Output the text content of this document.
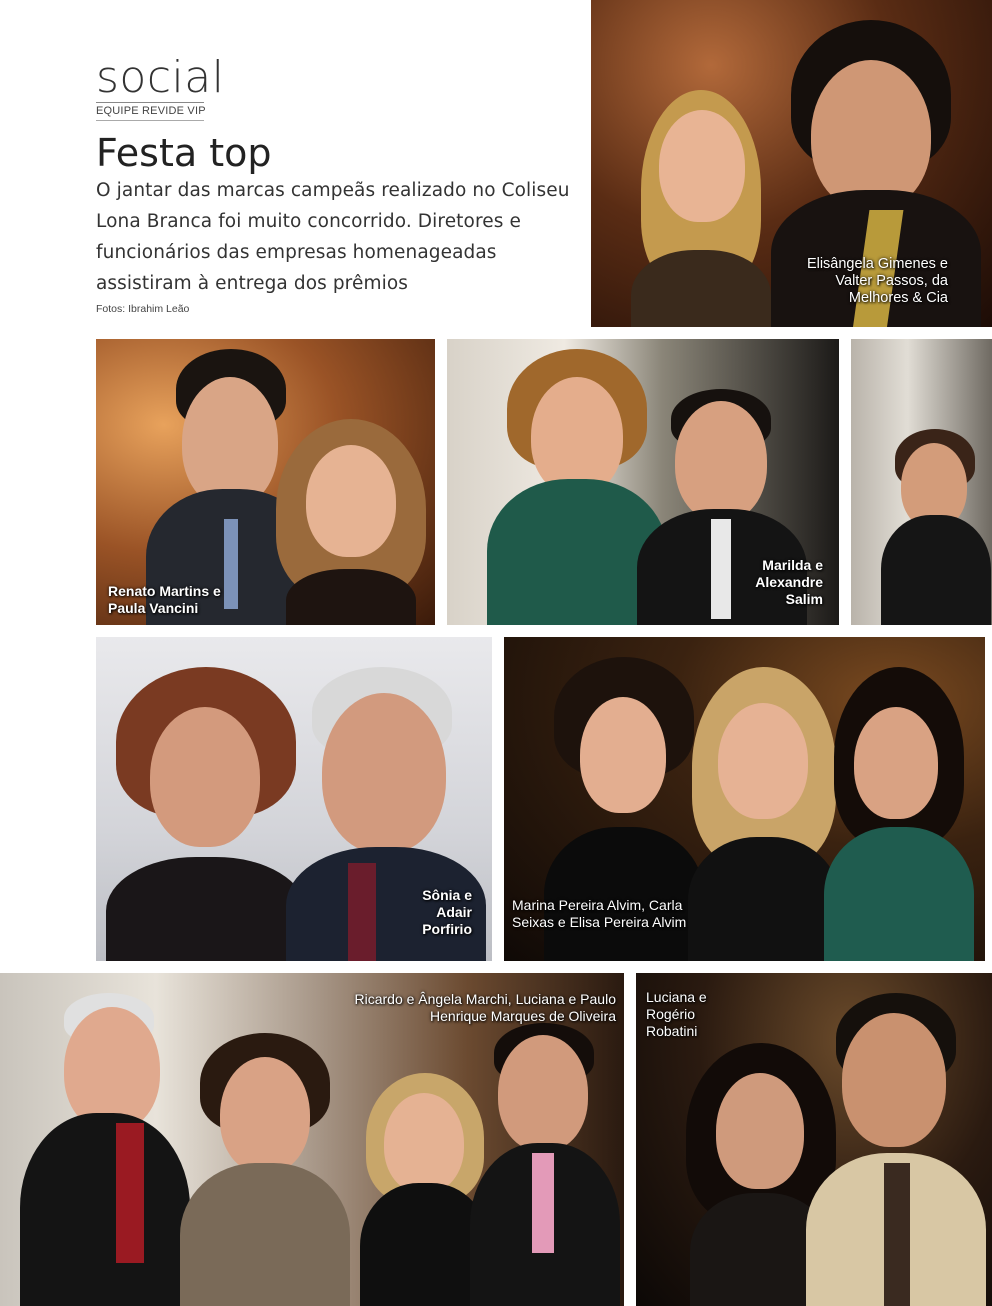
social
EQUIPE REVIDE VIP
Festa top
O jantar das marcas campeãs realizado no Coliseu Lona Branca foi muito concorrido. Diretores e funcionários das empresas homenageadas assistiram à entrega dos prêmios
Fotos: Ibrahim Leão
Elisângela Gimenes e Valter Passos, da Melhores & Cia
Renato Martins e Paula Vancini
Marilda e Alexandre Salim
Sônia e Adair Porfirio
Marina Pereira Alvim, Carla Seixas e Elisa Pereira Alvim
Ricardo e Ângela Marchi, Luciana e Paulo Henrique Marques de Oliveira
Luciana e Rogério Robatini
